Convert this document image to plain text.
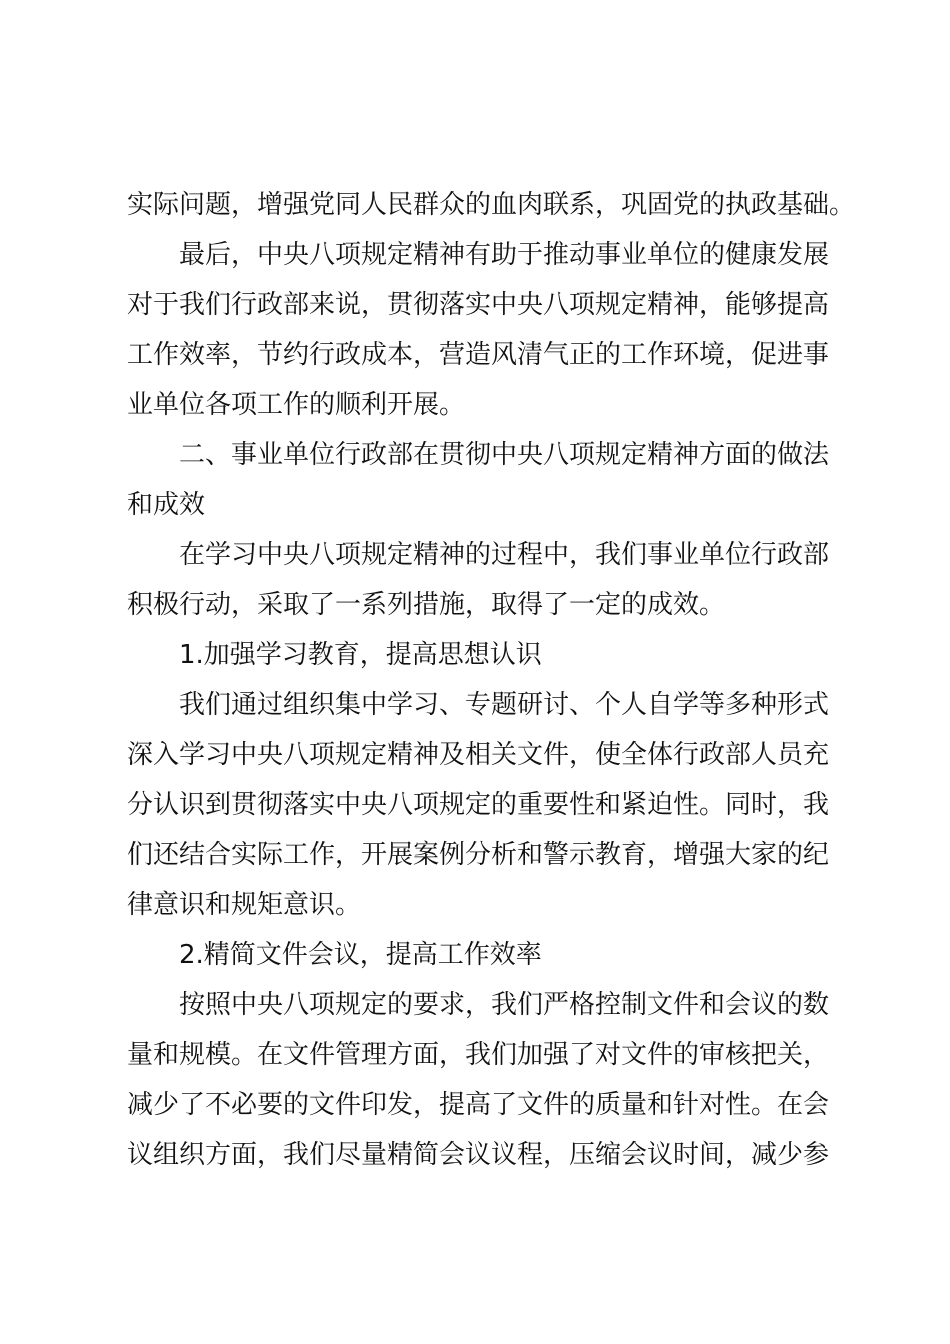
实际问题，增强党同人民群众的血肉联系，巩固党的执政基础。
最后，中央八项规定精神有助于推动事业单位的健康发展
对于我们行政部来说，贯彻落实中央八项规定精神，能够提高
工作效率，节约行政成本，营造风清气正的工作环境，促进事
业单位各项工作的顺利开展。
二、事业单位行政部在贯彻中央八项规定精神方面的做法
和成效
在学习中央八项规定精神的过程中，我们事业单位行政部
积极行动，采取了一系列措施，取得了一定的成效。
1.加强学习教育，提高思想认识
我们通过组织集中学习、专题研讨、个人自学等多种形式
深入学习中央八项规定精神及相关文件，使全体行政部人员充
分认识到贯彻落实中央八项规定的重要性和紧迫性。同时，我
们还结合实际工作，开展案例分析和警示教育，增强大家的纪
律意识和规矩意识。
2.精简文件会议，提高工作效率
按照中央八项规定的要求，我们严格控制文件和会议的数
量和规模。在文件管理方面，我们加强了对文件的审核把关，
减少了不必要的文件印发，提高了文件的质量和针对性。在会
议组织方面，我们尽量精简会议议程，压缩会议时间，减少参
